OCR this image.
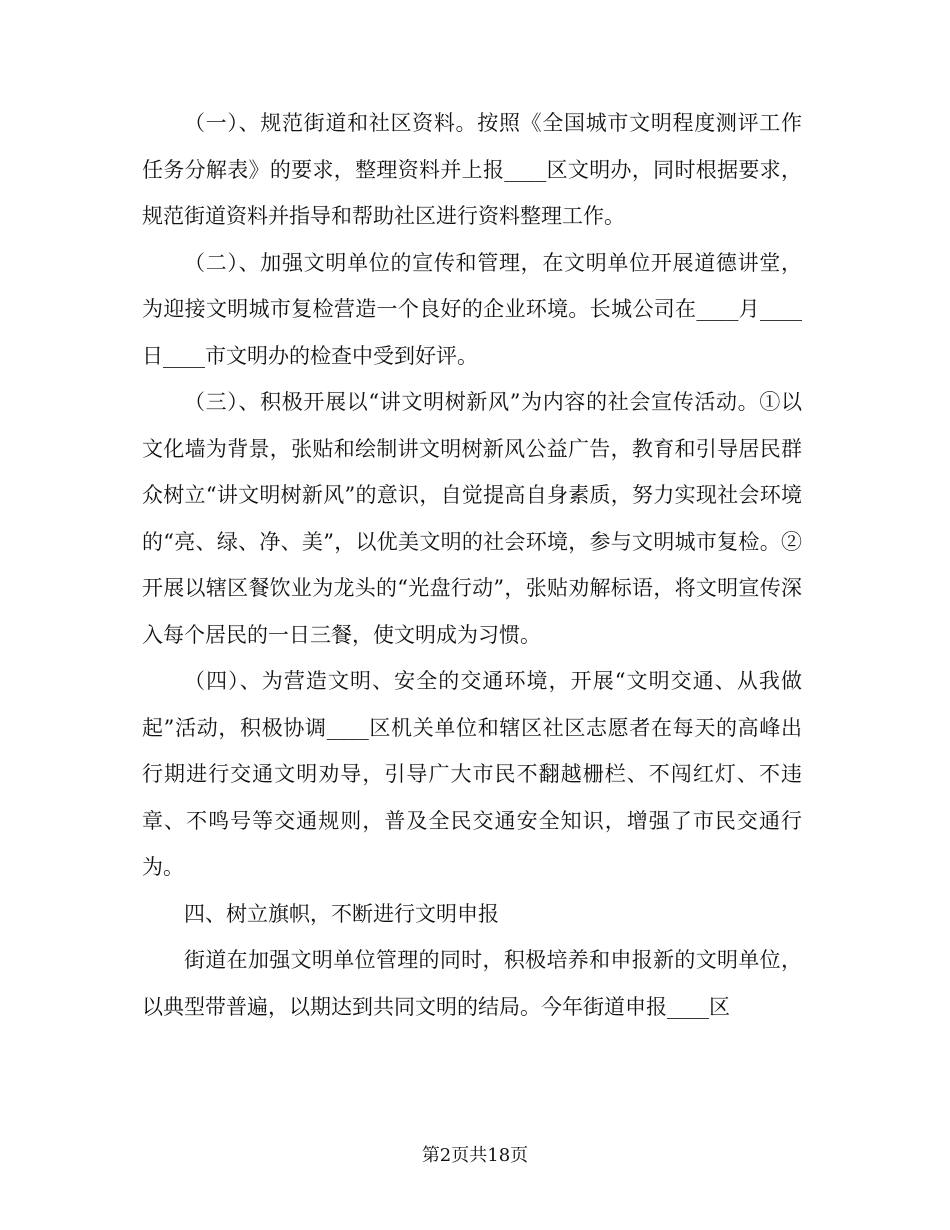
（一）、规范街道和社区资料。按照《全国城市文明程度测评工作任务分解表》的要求，整理资料并上报____区文明办，同时根据要求，规范街道资料并指导和帮助社区进行资料整理工作。

（二）、加强文明单位的宣传和管理，在文明单位开展道德讲堂，为迎接文明城市复检营造一个良好的企业环境。长城公司在____月____日____市文明办的检查中受到好评。

（三）、积极开展以“讲文明树新风”为内容的社会宣传活动。①以文化墙为背景，张贴和绘制讲文明树新风公益广告，教育和引导居民群众树立“讲文明树新风”的意识，自觉提高自身素质，努力实现社会环境的“亮、绿、净、美”，以优美文明的社会环境，参与文明城市复检。②开展以辖区餐饮业为龙头的“光盘行动”，张贴劝解标语，将文明宣传深入每个居民的一日三餐，使文明成为习惯。

（四）、为营造文明、安全的交通环境，开展“文明交通、从我做起”活动，积极协调____区机关单位和辖区社区志愿者在每天的高峰出行期进行交通文明劝导，引导广大市民不翻越栅栏、不闯红灯、不违章、不鸣号等交通规则，普及全民交通安全知识，增强了市民交通行为。

四、树立旗帜，不断进行文明申报

街道在加强文明单位管理的同时，积极培养和申报新的文明单位，以典型带普遍，以期达到共同文明的结局。今年街道申报____区

第2页共18页
